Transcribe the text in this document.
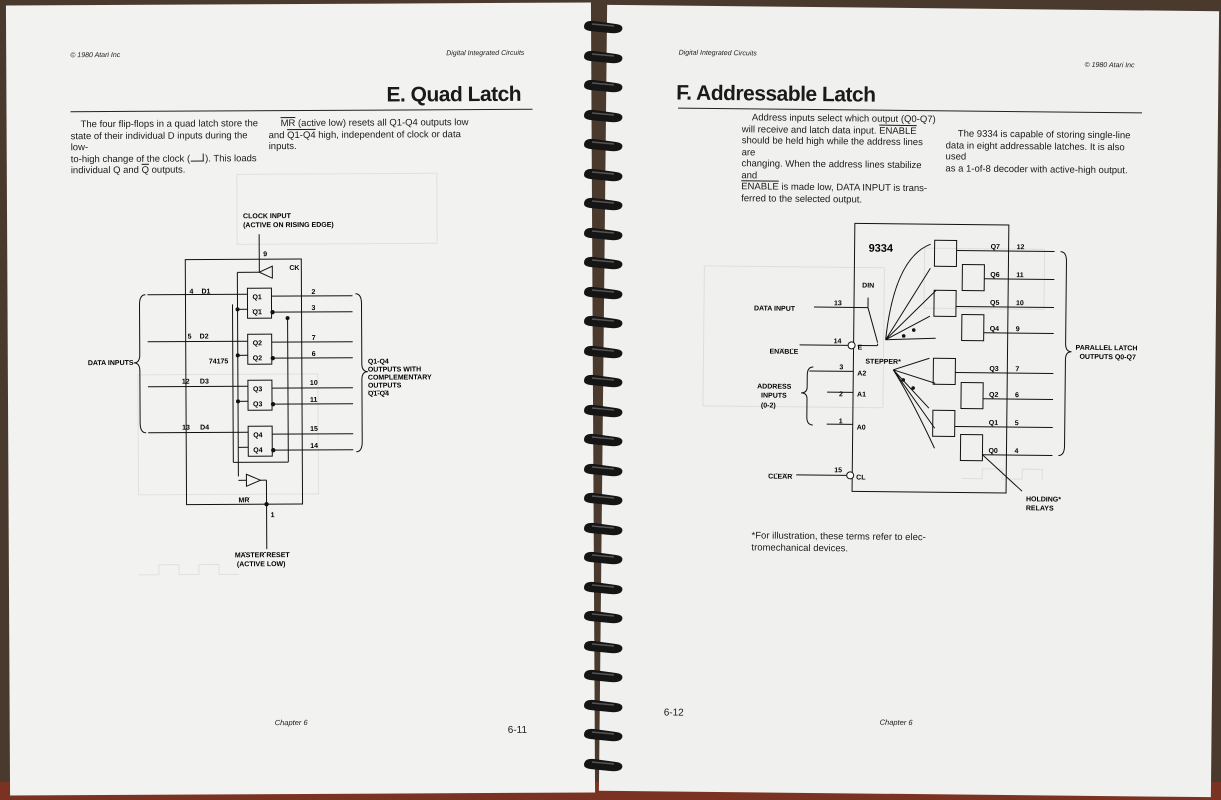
© 1980 Atari Inc	Digital Integrated Circuits
E. Quad Latch
The four flip-flops in a quad latch store the
state of their individual D inputs during the low-
to-high change of the clock ( ). This loads
individual Q and $\overline{Q}$ outputs.
$\overline{MR}$ (active low) resets all Q1-Q4 outputs low
and Q1-Q4 high, independent of clock or data
inputs.
CLOCK INPUT
(ACTIVE ON RISING EDGE)
9
CK
4 D1
5 D2
12 D3
13 D4
DATA INPUTS	74175
Q1
Q1
Q2
Q2
Q3
Q3
Q4
Q4
2
3
7
6
10
11
15
14
Q1-Q4
OUTPUTS WITH
COMPLEMENTARY
OUTPUTS
Q1-Q4
MR
1
MASTER RESET
(ACTIVE LOW)
Chapter 6
6-11
Digital Integrated Circuits
© 1980 Atari Inc
F. Addressable Latch
Address inputs select which output (Q0-Q7)
will receive and latch data input. ENABLE
should be held high while the address lines are
changing. When the address lines stabilize and
ENABLE is made low, DATA INPUT is trans-
ferred to the selected output.
The 9334 is capable of storing single-line
data in eight addressable latches. It is also used
as a 1-of-8 decoder with active-high output.
9334
DIN
STEPPER*
DATA INPUT
ENABLE
ADDRESS
INPUTS
(0-2)
CLEAR
13
14
E
3
A2
2 A1
1
A0
15
CL
Q7 12
Q6 11
Q5 10
Q4 9
Q3 7
Q2 6
Q1 5
Q0 4
PARALLEL LATCH
OUTPUTS Q0-Q7
HOLDING*
RELAYS
*For illustration, these terms refer to elec-
tromechanical devices.
6-12
Chapter 6
